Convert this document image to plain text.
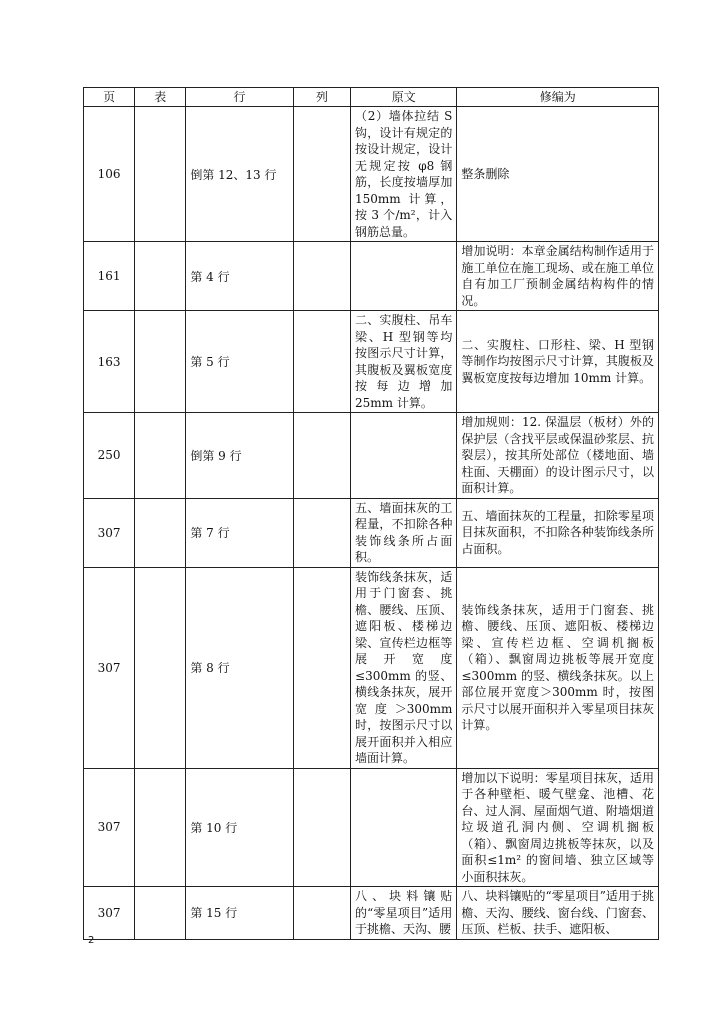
页	表	行	列	原文	修编为
106		倒第 12、13 行		（2）墙体拉结 S 钩，设计有规定的按设计规定，设计无规定按 φ8 钢筋，长度按墙厚加 150mm 计算，按 3 个/m²，计入钢筋总量。	整条删除
161		第 4 行			增加说明：本章金属结构制作适用于施工单位在施工现场、或在施工单位自有加工厂预制金属结构构件的情况。
163		第 5 行		二、实腹柱、吊车梁、H 型钢等均按图示尺寸计算，其腹板及翼板宽度按每边增加 25mm 计算。	二、实腹柱、口形柱、梁、H 型钢等制作均按图示尺寸计算，其腹板及翼板宽度按每边增加 10mm 计算。
250		倒第 9 行			增加规则：12. 保温层（板材）外的保护层（含找平层或保温砂浆层、抗裂层），按其所处部位（楼地面、墙柱面、天棚面）的设计图示尺寸，以面积计算。
307		第 7 行		五、墙面抹灰的工程量，不扣除各种装饰线条所占面积。	五、墙面抹灰的工程量，扣除零星项目抹灰面积，不扣除各种装饰线条所占面积。
307		第 8 行		装饰线条抹灰，适用于门窗套、挑檐、腰线、压顶、遮阳板、楼梯边梁、宣传栏边框等展开宽度≤300mm 的竖、横线条抹灰，展开宽度＞300mm 时，按图示尺寸以展开面积并入相应墙面计算。	装饰线条抹灰，适用于门窗套、挑檐、腰线、压顶、遮阳板、楼梯边梁、宣传栏边框、空调机搁板（箱）、飘窗周边挑板等展开宽度≤300mm 的竖、横线条抹灰。以上部位展开宽度＞300mm 时，按图示尺寸以展开面积并入零星项目抹灰计算。
307		第 10 行			增加以下说明：零星项目抹灰，适用于各种壁柜、暖气壁龛、池槽、花台、过人洞、屋面烟气道、附墙烟道垃圾道孔洞内侧、空调机搁板（箱）、飘窗周边挑板等抹灰，以及面积≤1m² 的窗间墙、独立区域等小面积抹灰。
307		第 15 行		八、块料镶贴的“零星项目”适用于挑檐、天沟、腰	八、块料镶贴的“零星项目”适用于挑檐、天沟、腰线、窗台线、门窗套、压顶、栏板、扶手、遮阳板、
2
